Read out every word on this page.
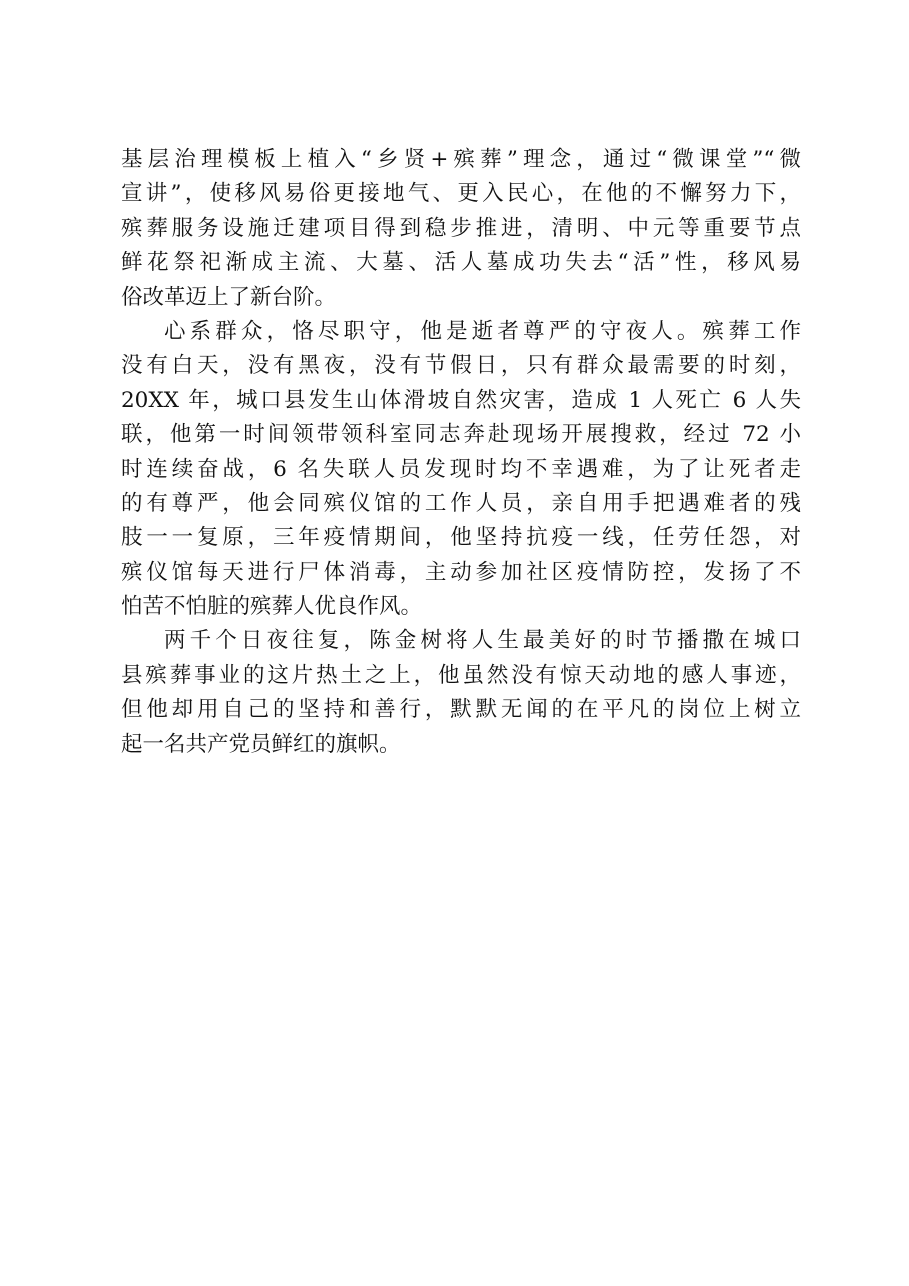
基层治理模板上植入“乡贤+殡葬”理念，通过“微课堂”“微
宣讲”，使移风易俗更接地气、更入民心，在他的不懈努力下，
殡葬服务设施迁建项目得到稳步推进，清明、中元等重要节点
鲜花祭祀渐成主流、大墓、活人墓成功失去“活”性，移风易
俗改革迈上了新台阶。
心系群众，恪尽职守，他是逝者尊严的守夜人。殡葬工作
没有白天，没有黑夜，没有节假日，只有群众最需要的时刻，
20XX 年，城口县发生山体滑坡自然灾害，造成 1 人死亡 6 人失
联，他第一时间领带领科室同志奔赴现场开展搜救，经过 72 小
时连续奋战，6 名失联人员发现时均不幸遇难，为了让死者走
的有尊严，他会同殡仪馆的工作人员，亲自用手把遇难者的残
肢一一复原，三年疫情期间，他坚持抗疫一线，任劳任怨，对
殡仪馆每天进行尸体消毒，主动参加社区疫情防控，发扬了不
怕苦不怕脏的殡葬人优良作风。
两千个日夜往复，陈金树将人生最美好的时节播撒在城口
县殡葬事业的这片热土之上，他虽然没有惊天动地的感人事迹，
但他却用自己的坚持和善行，默默无闻的在平凡的岗位上树立
起一名共产党员鲜红的旗帜。
